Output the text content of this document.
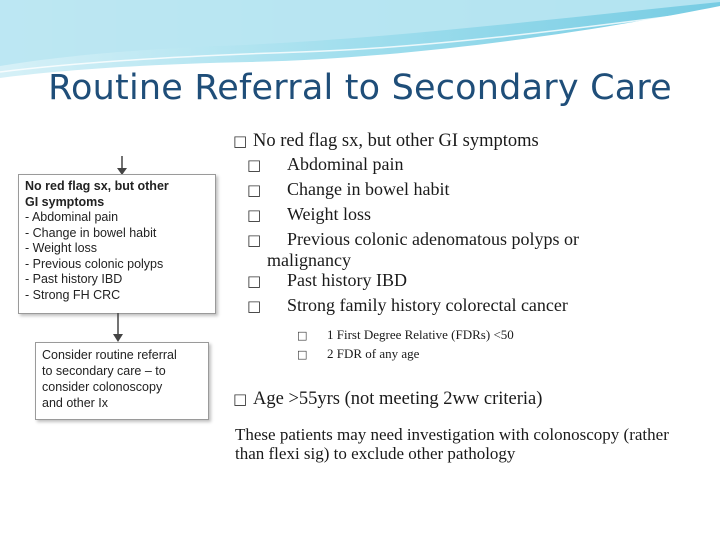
Routine Referral to Secondary Care
No red flag sx, but other
GI symptoms
- Abdominal pain
- Change in bowel habit
- Weight loss
- Previous colonic polyps
- Past history IBD
- Strong FH CRC
Consider routine referral
to secondary care – to
consider colonoscopy
and other Ix
□ No red flag sx, but other GI symptoms
□ Abdominal pain
□ Change in bowel habit
□ Weight loss
□ Previous colonic adenomatous polyps or
malignancy
□ Past history IBD
□ Strong family history colorectal cancer
□ 1 First Degree Relative (FDRs) <50
□ 2 FDR of any age
□ Age >55yrs (not meeting 2ww criteria)
These patients may need investigation with colonoscopy (rather than flexi sig) to exclude other pathology
